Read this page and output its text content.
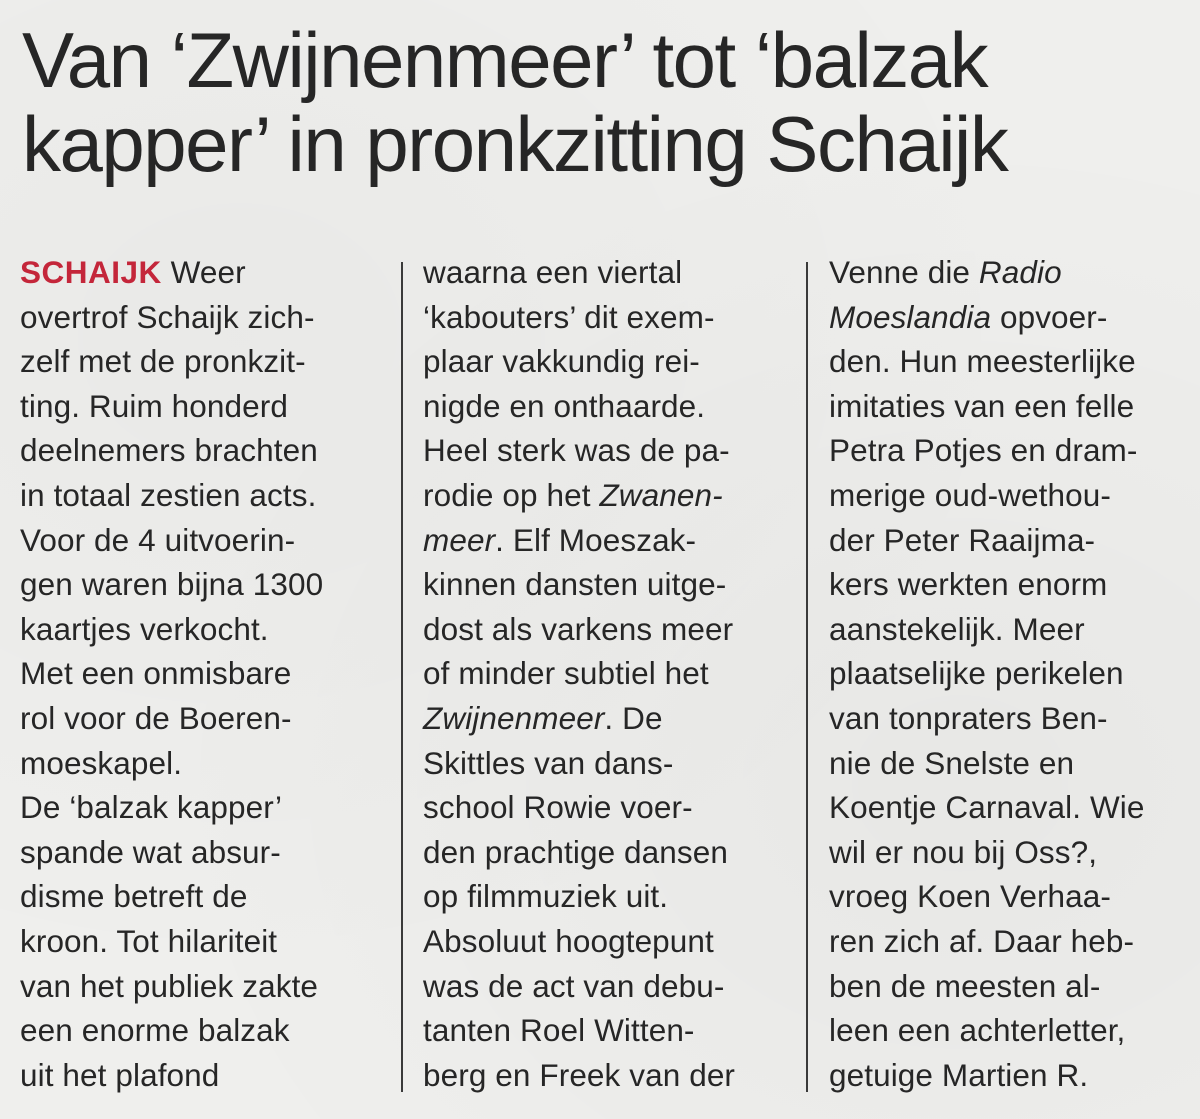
Van ‘Zwijnenmeer’ tot ‘balzak
kapper’ in pronkzitting Schaijk
SCHAIJK Weer
overtrof Schaijk zich-
zelf met de pronkzit-
ting. Ruim honderd
deelnemers brachten
in totaal zestien acts.
Voor de 4 uitvoerin-
gen waren bijna 1300
kaartjes verkocht.
Met een onmisbare
rol voor de Boeren-
moeskapel.
De ‘balzak kapper’
spande wat absur-
disme betreft de
kroon. Tot hilariteit
van het publiek zakte
een enorme balzak
uit het plafond
waarna een viertal
‘kabouters’ dit exem-
plaar vakkundig rei-
nigde en onthaarde.
Heel sterk was de pa-
rodie op het Zwanen-
meer. Elf Moeszak-
kinnen dansten uitge-
dost als varkens meer
of minder subtiel het
Zwijnenmeer. De
Skittles van dans-
school Rowie voer-
den prachtige dansen
op filmmuziek uit.
Absoluut hoogtepunt
was de act van debu-
tanten Roel Witten-
berg en Freek van der
Venne die Radio
Moeslandia opvoer-
den. Hun meesterlijke
imitaties van een felle
Petra Potjes en dram-
merige oud-wethou-
der Peter Raaijma-
kers werkten enorm
aanstekelijk. Meer
plaatselijke perikelen
van tonpraters Ben-
nie de Snelste en
Koentje Carnaval. Wie
wil er nou bij Oss?,
vroeg Koen Verhaa-
ren zich af. Daar heb-
ben de meesten al-
leen een achterletter,
getuige Martien R.
